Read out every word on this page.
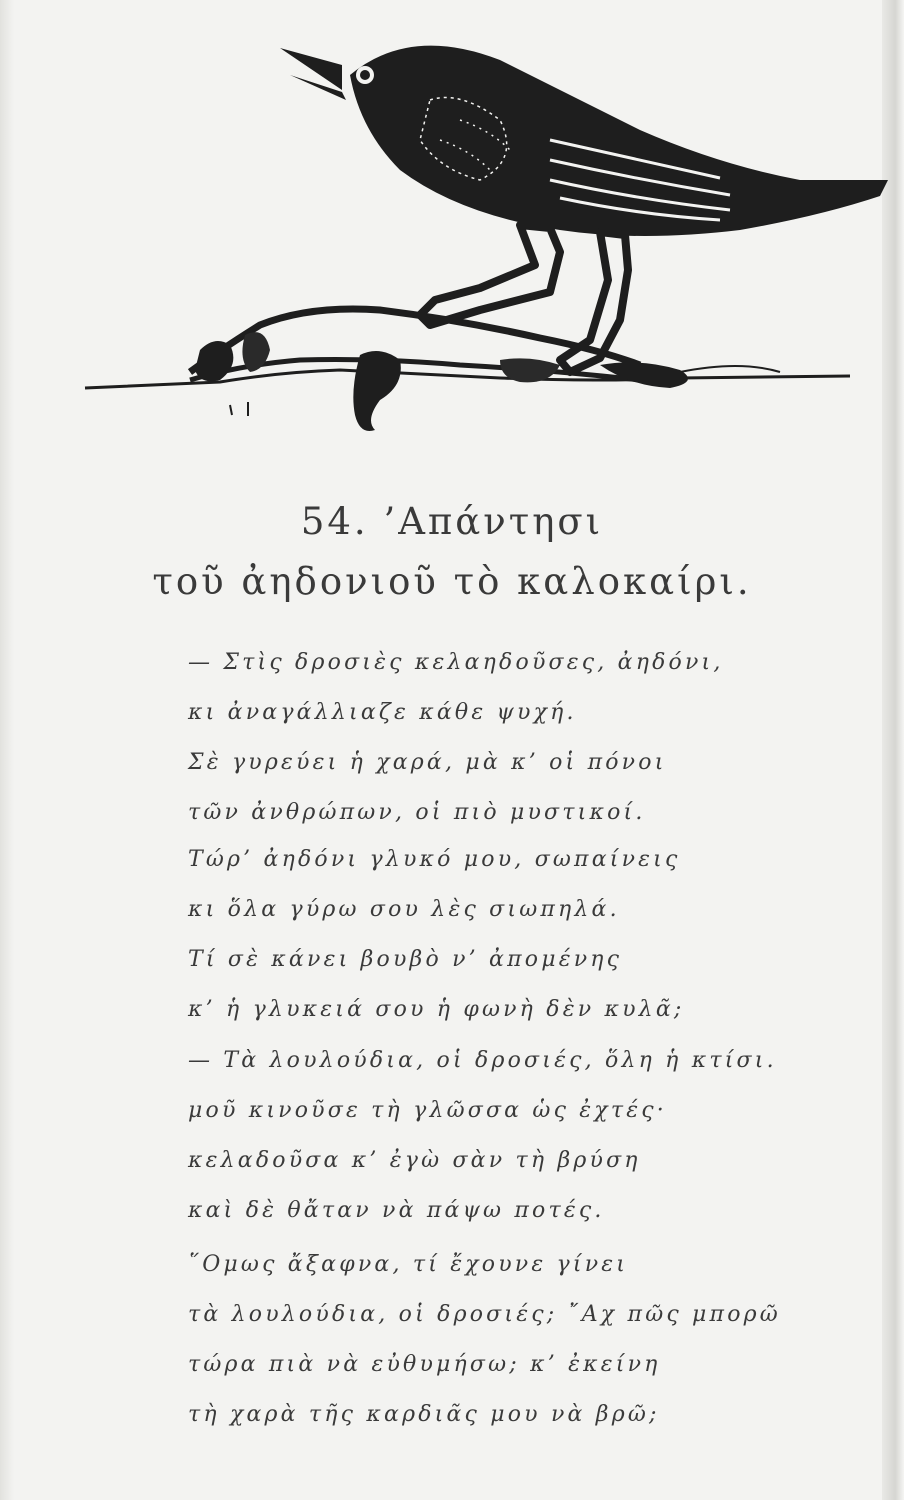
54. ’Απάντησι
τοῦ ἀηδονιοῦ τὸ καλοκαίρι.
— Στὶς δροσιὲς κελαηδοῦσες, ἀηδόνι,
κι ἀναγάλλιαζε κάθε ψυχή.
Σὲ γυρεύει ἡ χαρά, μὰ κ’ οἱ πόνοι
τῶν ἀνθρώπων, οἱ πιὸ μυστικοί.
Τώρ’ ἀηδόνι γλυκό μου, σωπαίνεις
κι ὅλα γύρω σου λὲς σιωπηλά.
Τί σὲ κάνει βουβὸ ν’ ἀπομένης
κ’ ἡ γλυκειά σου ἡ φωνὴ δὲν κυλᾶ;
— Τὰ λουλούδια, οἱ δροσιές, ὅλη ἡ κτίσι.
μοῦ κινοῦσε τὴ γλῶσσα ὡς ἐχτές·
κελαδοῦσα κ’ ἐγὼ σὰν τὴ βρύση
καὶ δὲ θἄταν νὰ πάψω ποτές.
῞Ομως ἄξαφνα, τί ἔχουνε γίνει
τὰ λουλούδια, οἱ δροσιές; ῎Αχ πῶς μπορῶ
τώρα πιὰ νὰ εὐθυμήσω; κ’ ἐκείνη
τὴ χαρὰ τῆς καρδιᾶς μου νὰ βρῶ;
